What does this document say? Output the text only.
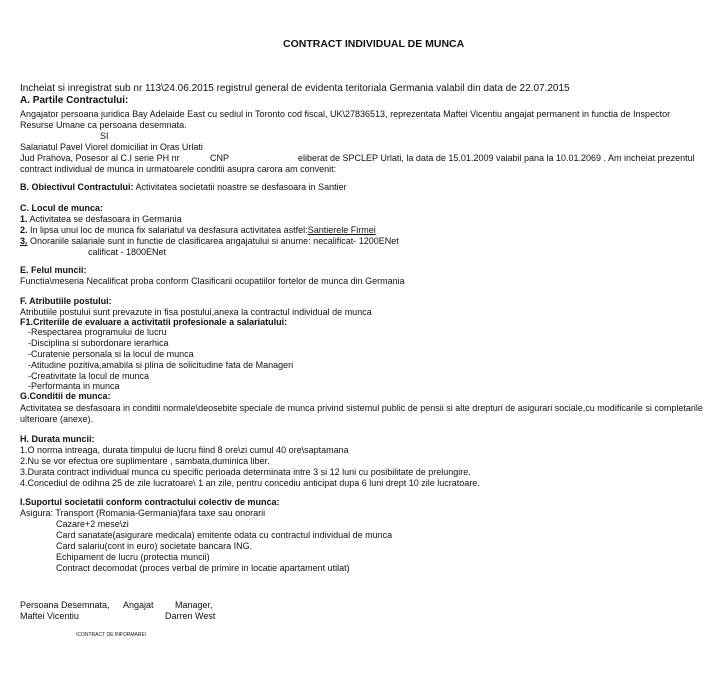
CONTRACT INDIVIDUAL DE MUNCA
Incheiat si inregistrat sub nr 113\24.06.2015 registrul general de evidenta teritoriala Germania valabil din data de 22.07.2015
A. Partile Contractului:
Angajator persoana juridica Bay Adelaide East cu sediul in Toronto cod fiscal, UK\27836513, reprezentata Maftei Vicentiu angajat permanent in functia de Inspector
Resurse Umane ca persoana desemnata.
SI
Salariatul Pavel Viorel domiciliat in Oras Urlati
Jud Prahova, Posesor al C.I serie PH nr	CNP	eliberat de SPCLEP Urlati, la data de 15.01.2009 valabil pana la 10.01.2069 . Am incheiat prezentul
contract individual de munca in urmatoarele conditii asupra carora am convenit:
B. Obiectivul Contractului: Activitatea societatii noastre se desfasoara in Santier
C. Locul de munca:
1. Activitatea se desfasoara in Germania
2. In lipsa unui loc de munca fix salariatul va desfasura activitatea astfel:Santierele Firmei
3. Onorariile salariale sunt in functie de clasificarea angajatului si anume: necalificat- 1200ENet
calificat - 1800ENet
E. Felul muncii:
Functia\meseria Necalificat proba conform Clasificarii ocupatiilor fortelor de munca din Germania
F. Atributiile postului:
Atributiile postului sunt prevazute in fisa postului,anexa la contractul individual de munca
F1.Criteriile de evaluare a activitatii profesionale a salariatului:
-Respectarea programului de lucru
-Disciplina si subordonare ierarhica
-Curatenie personala si la locul de munca
-Atitudine pozitiva,amabila si plina de solicitudine fata de Manageri
-Creativitate la locul de munca
-Performanta in munca
G.Conditii de munca:
Activitatea se desfasoara in conditii normale\deosebite speciale de munca privind sistemul public de pensii si alte drepturi de asigurari sociale,cu modificarile si completarile
ulterioare (anexe).
H. Durata muncii:
1.O norma intreaga, durata timpului de lucru fiind 8 ore\zi cumul 40 ore\saptamana
2.Nu se vor efectua ore suplimentare , sambata,duminica liber.
3.Durata contract individual munca cu specific perioada determinata intre 3 si 12 luni cu posibilitate de prelungire.
4.Concediul de odihna 25 de zile lucratoare\ 1 an zile, pentru concediu anticipat dupa 6 luni drept 10 zile lucratoare.
I.Suportul societatii conform contractului colectiv de munca:
Asigura: Transport (Romania-Germania)fara taxe sau onorarii
Cazare+2 mese\zi
Card sanatate(asigurare medicala) emitente odata cu contractul individual de munca
Card salariu(cont in euro) societate bancara ING.
Echipament de lucru (protectia muncii)
Contract decomodat (proces verbal de primire in locatie apartament utilat)
Persoana Desemnata,
Maftei Vicentiu
Angajat Manager,
Darren West
\CONTRACT DE INFORMARE\
